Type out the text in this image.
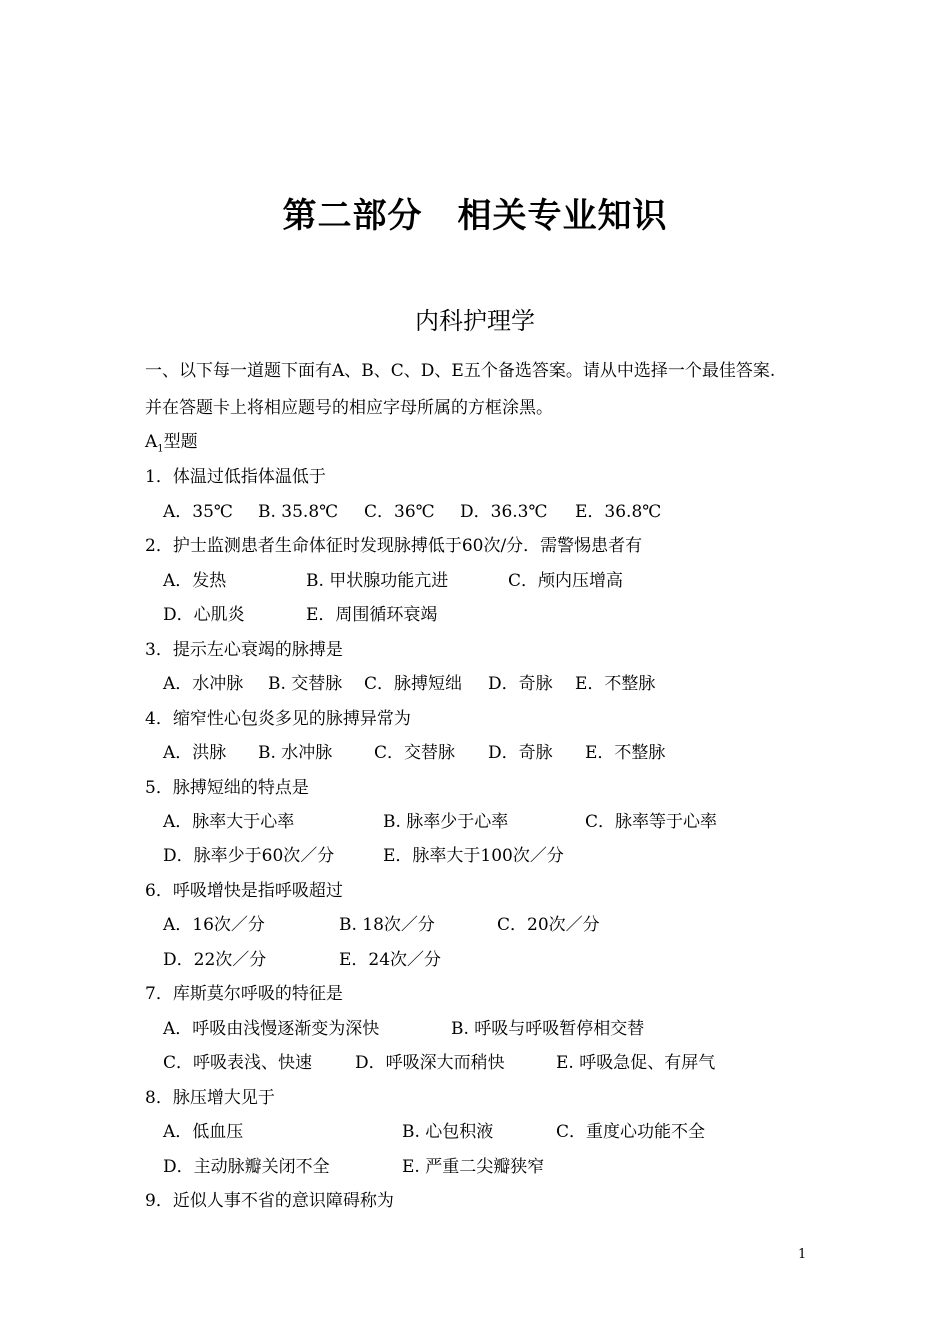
第二部分　相关专业知识
内科护理学
一、以下每一道题下面有A、B、C、D、E五个备选答案。请从中选择一个最佳答案.
并在答题卡上将相应题号的相应字母所属的方框涂黑。
$A_1$型题
1．体温过低指体温低于
A．35℃ B. 35.8℃ C．36℃ D．36.3℃ E．36.8℃
2．护士监测患者生命体征时发现脉搏低于60次/分．需警惕患者有
A．发热	B. 甲状腺功能亢进	C．颅内压增高
D．心肌炎	E．周围循环衰竭
3．提示左心衰竭的脉搏是
A．水冲脉 B. 交替脉 C．脉搏短绌 D．奇脉 E．不整脉
4．缩窄性心包炎多见的脉搏异常为
A．洪脉 B. 水冲脉 C．交替脉 D．奇脉 E．不整脉
5．脉搏短绌的特点是
A．脉率大于心率	B. 脉率少于心率	C．脉率等于心率
D．脉率少于60次／分	E．脉率大于100次／分
6．呼吸增快是指呼吸超过
A．16次／分	B. 18次／分	C．20次／分
D．22次／分	E．24次／分
7．库斯莫尔呼吸的特征是
A．呼吸由浅慢逐渐变为深快	B. 呼吸与呼吸暂停相交替
C．呼吸表浅、快速	D．呼吸深大而稍快	E. 呼吸急促、有屏气
8．脉压增大见于
A．低血压	B. 心包积液	C．重度心功能不全
D．主动脉瓣关闭不全	E. 严重二尖瓣狭窄
9．近似人事不省的意识障碍称为
1
